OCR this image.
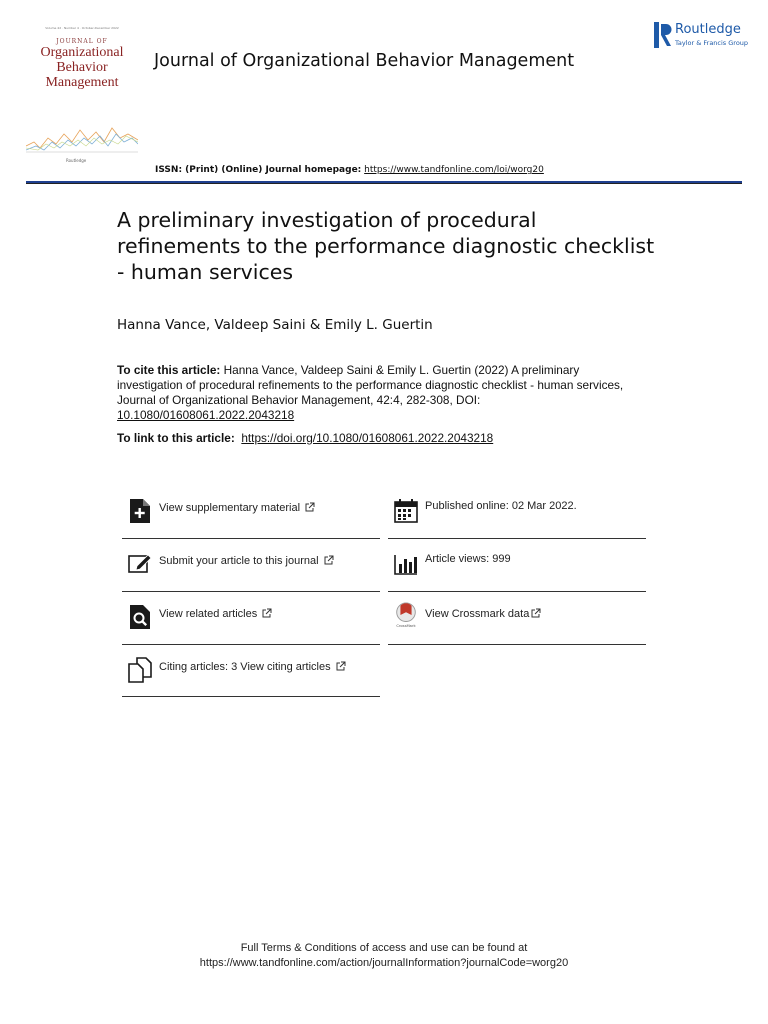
Volume 42 · Number 4 · October-December 2022
JOURNAL OF
Organizational
Behavior
Management
Routledge
Journal of Organizational Behavior Management
Routledge
Taylor & Francis Group
ISSN: (Print) (Online) Journal homepage: https://www.tandfonline.com/loi/worg20
A preliminary investigation of procedural refinements to the performance diagnostic checklist - human services
Hanna Vance, Valdeep Saini & Emily L. Guertin
To cite this article: Hanna Vance, Valdeep Saini & Emily L. Guertin (2022) A preliminary investigation of procedural refinements to the performance diagnostic checklist - human services, Journal of Organizational Behavior Management, 42:4, 282-308, DOI: 10.1080/01608061.2022.2043218
To link to this article: https://doi.org/10.1080/01608061.2022.2043218
View supplementary material
Submit your article to this journal
View related articles
Citing articles: 3 View citing articles
Published online: 02 Mar 2022.
Article views: 999
CrossMark
View Crossmark data
Full Terms & Conditions of access and use can be found at
https://www.tandfonline.com/action/journalInformation?journalCode=worg20
